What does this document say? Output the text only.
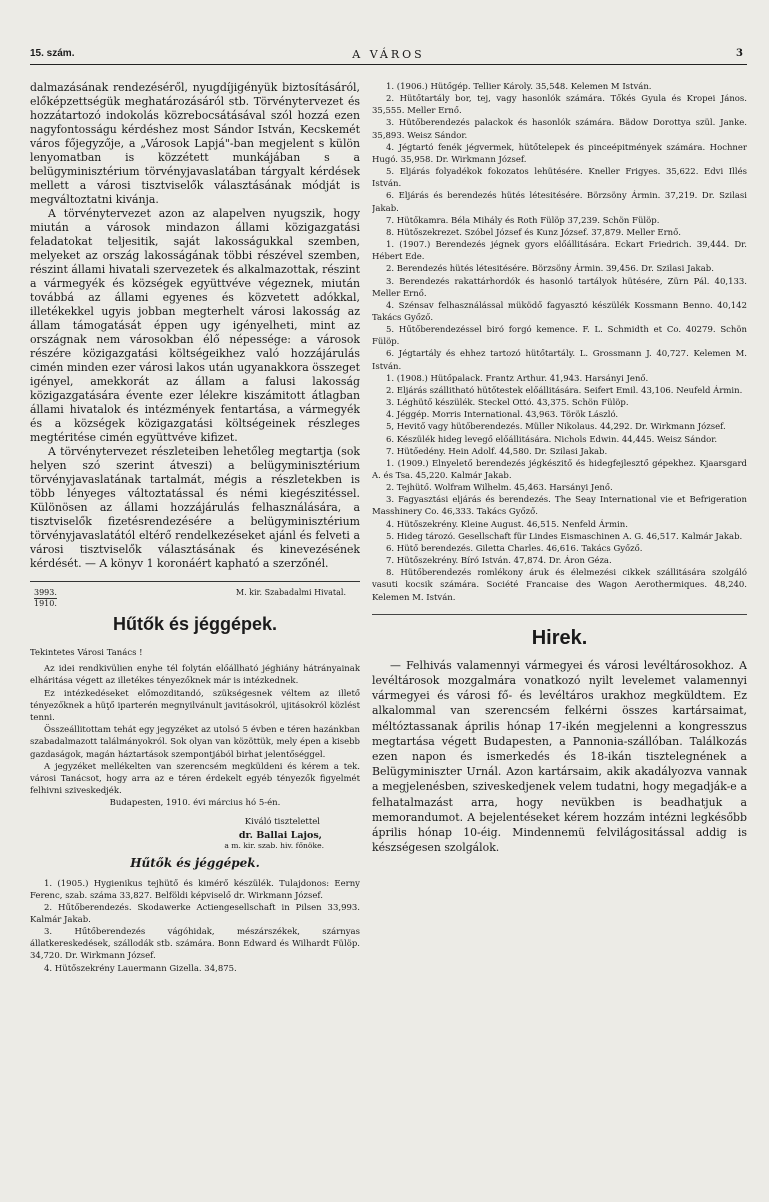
15. szám.	A VÁROS	3

dalmazásának rendezéséről, nyugdíjigényük biztosításáról, előképzettségük meghatározásáról stb. Törvénytervezet és hozzátartozó indokolás közrebocsátásával szól hozzá ezen nagyfontosságu kérdéshez most Sándor István, Kecskemét város főjegyzője, a „Városok Lapjá"-ban megjelent s külön lenyomatban is közzétett munkájában s a belügyminisztérium törvényjavaslatában tárgyalt kérdések mellett a városi tisztviselők választásának módját is megváltoztatni kivánja.

A törvénytervezet azon az alapelven nyugszik, hogy miután a városok mindazon állami közigazgatási feladatokat teljesitik, saját lakosságukkal szemben, melyeket az ország lakosságának többi részével szemben, részint állami hivatali szervezetek és alkalmazottak, részint a vármegyék és községek együttvéve végeznek, miután továbbá az állami egyenes és közvetett adókkal, illetékekkel ugyis jobban megterhelt városi lakosság az állam támogatását éppen ugy igényelheti, mint az országnak nem városokban élő népessége: a városok részére közigazgatási költségeikhez való hozzájárulás cimén minden ezer városi lakos után ugyanakkora összeget igényel, amekkorát az állam a falusi lakosság közigazgatására évente ezer lélekre kiszámitott átlagban állami hivatalok és intézmények fentartása, a vármegyék és a községek közigazgatási költségeinek részleges megtéritése cimén együttvéve kifizet.

A törvénytervezet részleteiben lehetőleg megtartja (sok helyen szó szerint átveszi) a belügyminisztérium törvényjavaslatának tartalmát, mégis a részletekben is több lényeges változtatással és némi kiegészitéssel. Különösen az állami hozzájárulás felhasználására, a tisztviselők fizetésrendezésére a belügyminisztérium törvényjavaslatától eltérő rendelkezéseket ajánl és felveti a városi tisztviselők választásának és kinevezésének kérdését. — A könyv 1 koronáért kapható a szerzőnél.

3993.
1910.
M. kir. Szabadalmi Hivatal.
Hűtők és jéggépek.

Tekintetes Városi Tanács !

Az idei rendkivülien enyhe tél folytán előállható jéghiány hátrányainak elháritása végett az illetékes tényezőknek már is intézkednek.

Ez intézkedéseket előmozditandó, szükségesnek véltem az illető tényezőknek a hüţő iparterén megnyilvánult javitásokról, ujitásokról közlést tenni.

Összeállitottam tehát egy jegyzéket az utolsó 5 évben e téren hazánkban szabadalmazott találmányokról. Sok olyan van közöttük, mely épen a kisebb gazdaságok, magán háztartások szempontjából birhat jelentőséggel.

A jegyzéket mellékelten van szerencsém megküldeni és kérem a tek. városi Tanácsot, hogy arra az e téren érdekelt egyéb tényezők figyelmét felhivni sziveskedjék.

Budapesten, 1910. évi március hó 5-én.

Kiváló tisztelettel

dr. Ballai Lajos,

a m. kir. szab. hiv. főnöke.

Hűtők és jéggépek.

1. (1905.) Hygienikus tejhütő és kimérő készülék. Tulajdonos: Eerny Ferenc, szab. száma 33,827. Belföldi képviselő dr. Wirkmann József.

2. Hűtőberendezés. Skodawerke Actiengesellschaft in Pilsen 33,993. Kalmár Jakab.

3. Hűtőberendezés vágóhidak, mészárszékek, szárnyas állatkereskedések, szállodák stb. számára. Bonn Edward és Wilhardt Fülöp. 34,720. Dr. Wirkmann József.

4. Hütőszekrény Lauermann Gizella. 34,875.

1. (1906.) Hütőgép. Tellier Károly. 35,548. Kelemen M István.

2. Hütőtartály bor, tej, vagy hasonlók számára. Tőkés Gyula és Kropei János. 35,555. Meller Ernő.

3. Hütőberendezés palackok és hasonlók számára. Bädow Dorottya szül. Janke. 35,893. Weisz Sándor.

4. Jégtartó fenék jégvermek, hütőtelepek és pinceépitmények számára. Hochner Hugó. 35,958. Dr. Wirkmann József.

5. Eljárás folyadékok fokozatos lehütésére. Kneller Frigyes. 35,622. Edvi Illés István.

6. Eljárás és berendezés hütés létesitésére. Börzsöny Ármin. 37,219. Dr. Szilasi Jakab.

7. Hütőkamra. Béla Mihály és Roth Fülöp 37,239. Schön Fülöp.

8. Hütőszekrezet. Szóbel József és Kunz József. 37,879. Meller Ernő.

1. (1907.) Berendezés jégnek gyors előállitására. Eckart Friedrich. 39,444. Dr. Hébert Ede.

2. Berendezés hütés létesitésére. Börzsöny Ármin. 39,456. Dr. Szilasi Jakab.

3. Berendezés rakattárhordók és hasonló tartályok hütésére, Zürn Pál. 40,133. Meller Ernő.

4. Szénsav felhasználással müködő fagyasztó készülék Kossmann Benno. 40,142 Takács Győző.

5. Hűtőberendezéssel biró forgó kemence. F. L. Schmidth et Co. 40279. Schön Fülöp.

6. Jégtartály és ehhez tartozó hütőtartály. L. Grossmann J. 40,727. Kelemen M. István.

1. (1908.) Hütőpalack. Frantz Arthur. 41,943. Harsányi Jenő.

2. Eljárás szállitható hütőtestek előállitására. Seifert Emil. 43,106. Neufeld Ármin.

3. Léghütő készülék. Steckel Ottó. 43,375. Schön Fülöp.

4. Jéggép. Morris International. 43,963. Török László.

5, Hevitő vagy hütőberendezés. Müller Nikolaus. 44,292. Dr. Wirkmann József.

6. Készülék hideg levegő előállitására. Nichols Edwin. 44,445. Weisz Sándor.

7. Hütőedény. Hein Adolf. 44,580. Dr. Szilasi Jakab.

1. (1909.) Elnyelető berendezés jégkészitő és hidegfejlesztő gépekhez. Kjaarsgard A. és Tsa. 45,220. Kalmár Jakab.

2. Tejhütő. Wolfram Wilhelm. 45,463. Harsányi Jenő.

3. Fagyasztási eljárás és berendezés. The Seay International vie et Befrigeration Masshinery Co. 46,333. Takács Győző.

4. Hütőszekrény. Kleine August. 46,515. Nenfeld Ármin.

5. Hideg tározó. Gesellschaft für Lindes Eismaschinen A. G. 46,517. Kalmár Jakab.

6. Hütő berendezés. Giletta Charles. 46,616. Takács Győző.

7. Hütőszekrény. Bíró István. 47,874. Dr. Áron Géza.

8. Hütőberendezés romlékony áruk és élelmezési cikkek szállitására szolgáló vasuti kocsik számára. Société Francaise des Wagon Aerothermiques. 48,240. Kelemen M. István.

Hirek.

— Felhivás valamennyi vármegyei és városi levéltárosokhoz. A levéltárosok mozgalmára vonatkozó nyilt levelemet valamennyi vármegyei és városi fő- és levéltáros urakhoz megküldtem. Ez alkalommal van szerencsém felkérni összes kartársaimat, méltóztassanak április hónap 17-ikén megjelenni a kongresszus megtartása végett Budapesten, a Pannonia-szállóban. Találkozás ezen napon és ismerkedés és 18-ikán tisztelegnének a Belügyminiszter Urnál. Azon kartársaim, akik akadályozva vannak a megjelenésben, sziveskedjenek velem tudatni, hogy megadják-e a felhatalmazást arra, hogy nevükben is beadhatjuk a memorandumot. A bejelentéseket kérem hozzám intézni legkésőbb április hónap 10-éig. Mindennemü felvilágositással addig is készségesen szolgálok.
